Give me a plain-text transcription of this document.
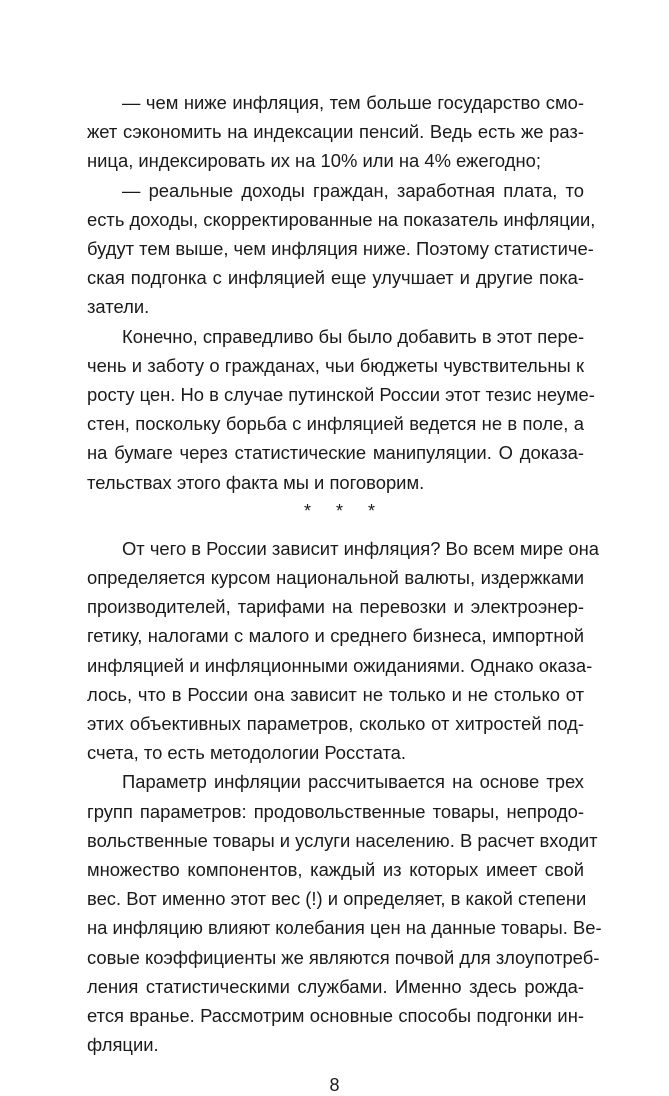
— чем ниже инфляция, тем больше государство смо-
жет сэкономить на индексации пенсий. Ведь есть же раз-
ница, индексировать их на 10% или на 4% ежегодно;
— реальные доходы граждан, заработная плата, то
есть доходы, скорректированные на показатель инфляции,
будут тем выше, чем инфляция ниже. Поэтому статистиче-
ская подгонка с инфляцией еще улучшает и другие пока-
затели.
Конечно, справедливо бы было добавить в этот пере-
чень и заботу о гражданах, чьи бюджеты чувствительны к
росту цен. Но в случае путинской России этот тезис неуме-
стен, поскольку борьба с инфляцией ведется не в поле, а
на бумаге через статистические манипуляции. О доказа-
тельствах этого факта мы и поговорим.
* * *
От чего в России зависит инфляция? Во всем мире она
определяется курсом национальной валюты, издержками
производителей, тарифами на перевозки и электроэнер-
гетику, налогами с малого и среднего бизнеса, импортной
инфляцией и инфляционными ожиданиями. Однако оказа-
лось, что в России она зависит не только и не столько от
этих объективных параметров, сколько от хитростей под-
счета, то есть методологии Росстата.
Параметр инфляции рассчитывается на основе трех
групп параметров: продовольственные товары, непродо-
вольственные товары и услуги населению. В расчет входит
множество компонентов, каждый из которых имеет свой
вес. Вот именно этот вес (!) и определяет, в какой степени
на инфляцию влияют колебания цен на данные товары. Ве-
совые коэффициенты же являются почвой для злоупотреб-
ления статистическими службами. Именно здесь рожда-
ется вранье. Рассмотрим основные способы подгонки ин-
фляции.
8
